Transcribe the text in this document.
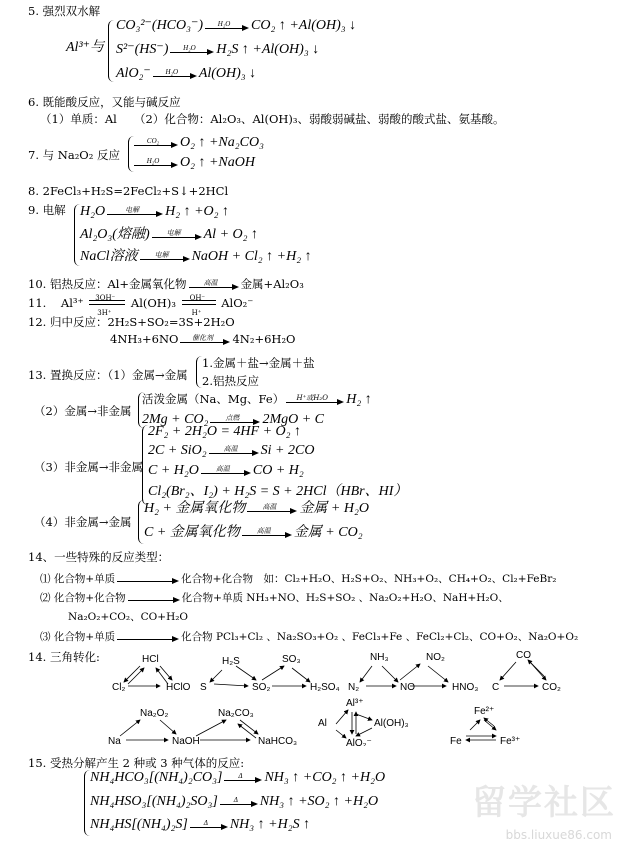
5. 强烈双水解
Al³⁺与
CO₃²⁻(HCO₃⁻)	H₂O	CO₂ ↑ +Al(OH)₃ ↓
S²⁻(HS⁻)	H₂O	H₂S ↑ +Al(OH)₃ ↓
AlO₂⁻	H₂O	Al(OH)₃ ↓
6. 既能酸反应，又能与碱反应
（1）单质：Al　　（2）化合物：Al₂O₃、Al(OH)₃、弱酸弱碱盐、弱酸的酸式盐、氨基酸。
7. 与 Na₂O₂ 反应
CO₂	O₂ ↑ +Na₂CO₃
H₂O	O₂ ↑ +NaOH
8. 2FeCl₃+H₂S=2FeCl₂+S↓+2HCl
9. 电解 H₂O	电解	H₂ ↑ +O₂ ↑
Al₂O₃(熔融)	电解	Al + O₂ ↑
NaCl溶液	电解	NaOH + Cl₂ ↑ +H₂ ↑
10. 铝热反应：Al+金属氧化物	高温	金属+Al₂O₃
11. $Al^{3+} \frac{3OH^-}{3H^+} Al(OH)_3 \frac{OH^-}{H^+} AlO_2^-$
12. 归中反应：2H₂S+SO₂=3S+2H₂O
4NH₃+6NO	催化剂	4N₂+6H₂O
13. 置换反应：（1）金属→金属
1.金属＋盐→金属＋盐
2.铝热反应
（2）金属→非金属
活泼金属（Na、Mg、Fe）	H⁺或H₂O	H₂ ↑
2Mg + CO₂	点燃	2MgO + C
2F₂ + 2H₂O = 4HF + O₂ ↑
（3）非金属→非金属
2C + SiO₂	高温	Si + 2CO
C + H₂O	高温	CO + H₂
Cl₂(Br₂、I₂) + H₂S = S + 2HCl（HBr、HI）
（4）非金属→金属
H₂ + 金属氧化物	高温	金属 + H₂O
C + 金属氧化物	高温	金属 + CO₂
14、一些特殊的反应类型：
⑴ 化合物+单质	化合物+化合物　如：Cl₂+H₂O、H₂S+O₂、NH₃+O₂、CH₄+O₂、Cl₂+FeBr₂
⑵ 化合物+化合物	化合物+单质 NH₃+NO、H₂S+SO₂ 、Na₂O₂+H₂O、NaH+H₂O、
Na₂O₂+CO₂、CO+H₂O
⑶ 化合物+单质	化合物 PCl₃+Cl₂ 、Na₂SO₃+O₂ 、FeCl₃+Fe 、FeCl₂+Cl₂、CO+O₂、Na₂O+O₂
14. 三角转化:	HCl
Cl₂	HClO
H₂S
S	SO₂
SO₃
H₂SO₄
NH₃	NO₂
N₂	NO	HNO₃
CO
C	CO₂
Na₂O₂
Na	NaOH
Na₂CO₃
NaHCO₃
Al³⁺
Al	Al(OH)₃
AlO₂⁻
Fe²⁺
Fe	Fe³⁺
15. 受热分解产生 2 种或 3 种气体的反应:
NH₄HCO₃[(NH₄)₂CO₃]	Δ	NH₃ ↑ +CO₂ ↑ +H₂O
NH₄HSO₃[(NH₄)₂SO₃]	Δ	NH₃ ↑ +SO₂ ↑ +H₂O
NH₄HS[(NH₄)₂S]	Δ	NH₃ ↑ +H₂S ↑
留学社区
bbs.liuxue86.com
